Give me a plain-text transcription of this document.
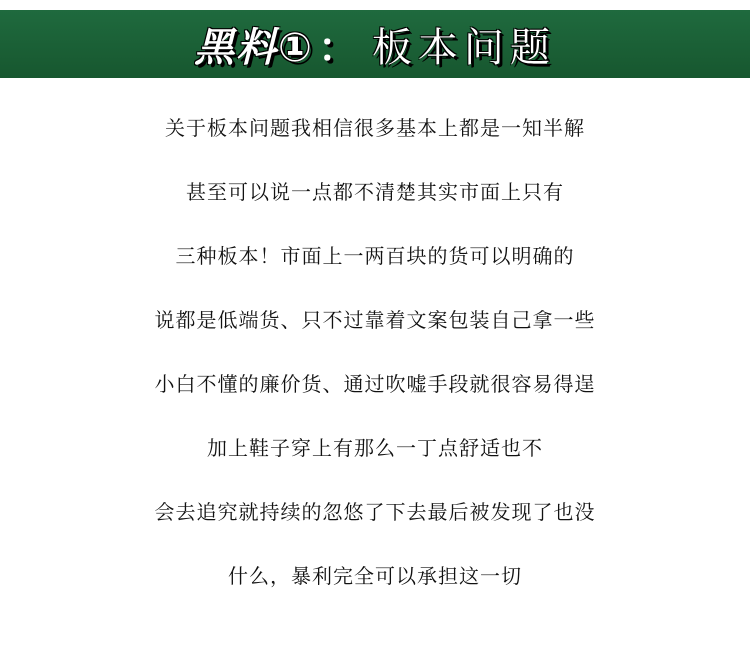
黑料① ： 板本问题
关于板本问题我相信很多基本上都是一知半解
甚至可以说一点都不清楚其实市面上只有
三种板本！市面上一两百块的货可以明确的
说都是低端货、只不过靠着文案包装自己拿一些
小白不懂的廉价货、通过吹嘘手段就很容易得逞
加上鞋子穿上有那么一丁点舒适也不
会去追究就持续的忽悠了下去最后被发现了也没
什么，暴利完全可以承担这一切
